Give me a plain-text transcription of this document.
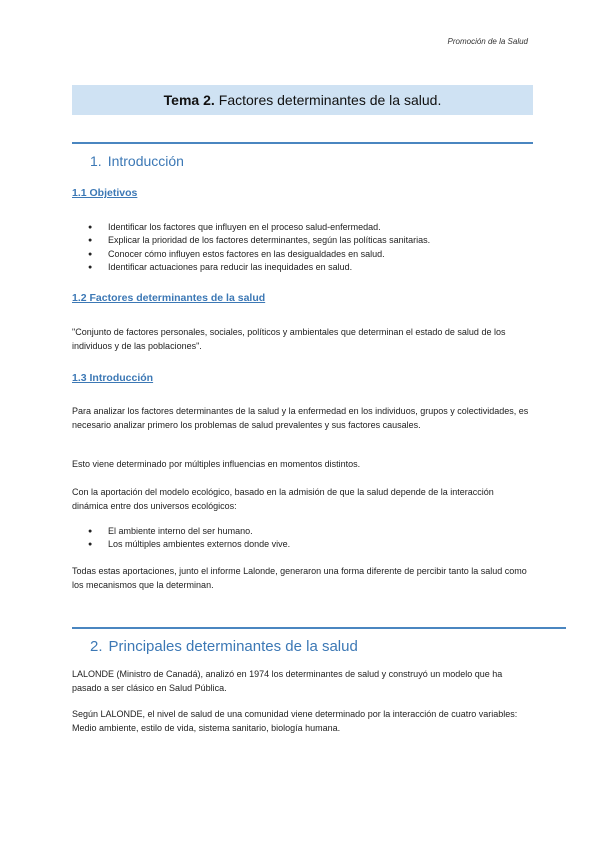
Promoción de la Salud
Tema 2. Factores determinantes de la salud.
1. Introducción
1.1 Objetivos
● Identificar los factores que influyen en el proceso salud-enfermedad.
● Explicar la prioridad de los factores determinantes, según las políticas sanitarias.
● Conocer cómo influyen estos factores en las desigualdades en salud.
● Identificar actuaciones para reducir las inequidades en salud.
1.2 Factores determinantes de la salud
"Conjunto de factores personales, sociales, políticos y ambientales que determinan el estado de salud de los individuos y de las poblaciones".
1.3 Introducción
Para analizar los factores determinantes de la salud y la enfermedad en los individuos, grupos y colectividades, es necesario analizar primero los problemas de salud prevalentes y sus factores causales.
Esto viene determinado por múltiples influencias en momentos distintos.
Con la aportación del modelo ecológico, basado en la admisión de que la salud depende de la interacción dinámica entre dos universos ecológicos:
● El ambiente interno del ser humano.
● Los múltiples ambientes externos donde vive.
Todas estas aportaciones, junto el informe Lalonde, generaron una forma diferente de percibir tanto la salud como los mecanismos que la determinan.
2. Principales determinantes de la salud
LALONDE (Ministro de Canadá), analizó en 1974 los determinantes de salud y construyó un modelo que ha pasado a ser clásico en Salud Pública.
Según LALONDE, el nivel de salud de una comunidad viene determinado por la interacción de cuatro variables: Medio ambiente, estilo de vida, sistema sanitario, biología humana.
